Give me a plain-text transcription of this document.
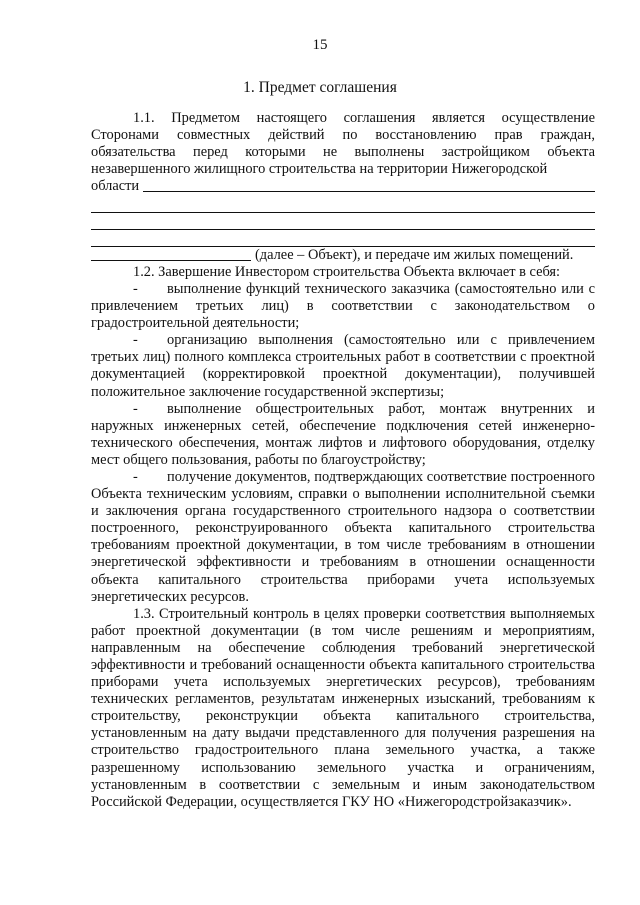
15
1. Предмет соглашения

1.1. Предметом настоящего соглашения является осуществление Сторонами совместных действий по восстановлению прав граждан, обязательства перед которыми не выполнены застройщиком объекта незавершенного жилищного строительства на территории Нижегородской

области
(далее – Объект), и передаче им жилых помещений.

1.2. Завершение Инвестором строительства Объекта включает в себя:

- выполнение функций технического заказчика (самостоятельно или с привлечением третьих лиц) в соответствии с законодательством о градостроительной деятельности;

- организацию выполнения (самостоятельно или с привлечением третьих лиц) полного комплекса строительных работ в соответствии с проектной документацией (корректировкой проектной документации), получившей положительное заключение государственной экспертизы;

- выполнение общестроительных работ, монтаж внутренних и наружных инженерных сетей, обеспечение подключения сетей инженерно-технического обеспечения, монтаж лифтов и лифтового оборудования, отделку мест общего пользования, работы по благоустройству;

- получение документов, подтверждающих соответствие построенного Объекта техническим условиям, справки о выполнении исполнительной съемки и заключения органа государственного строительного надзора о соответствии построенного, реконструированного объекта капитального строительства требованиям проектной документации, в том числе требованиям в отношении энергетической эффективности и требованиям в отношении оснащенности объекта капитального строительства приборами учета используемых энергетических ресурсов.

1.3. Строительный контроль в целях проверки соответствия выполняемых работ проектной документации (в том числе решениям и мероприятиям, направленным на обеспечение соблюдения требований энергетической эффективности и требований оснащенности объекта капитального строительства приборами учета используемых энергетических ресурсов), требованиям технических регламентов, результатам инженерных изысканий, требованиям к строительству, реконструкции объекта капитального строительства, установленным на дату выдачи представленного для получения разрешения на строительство градостроительного плана земельного участка, а также разрешенному использованию земельного участка и ограничениям, установленным в соответствии с земельным и иным законодательством Российской Федерации, осуществляется ГКУ НО «Нижегородстройзаказчик».
